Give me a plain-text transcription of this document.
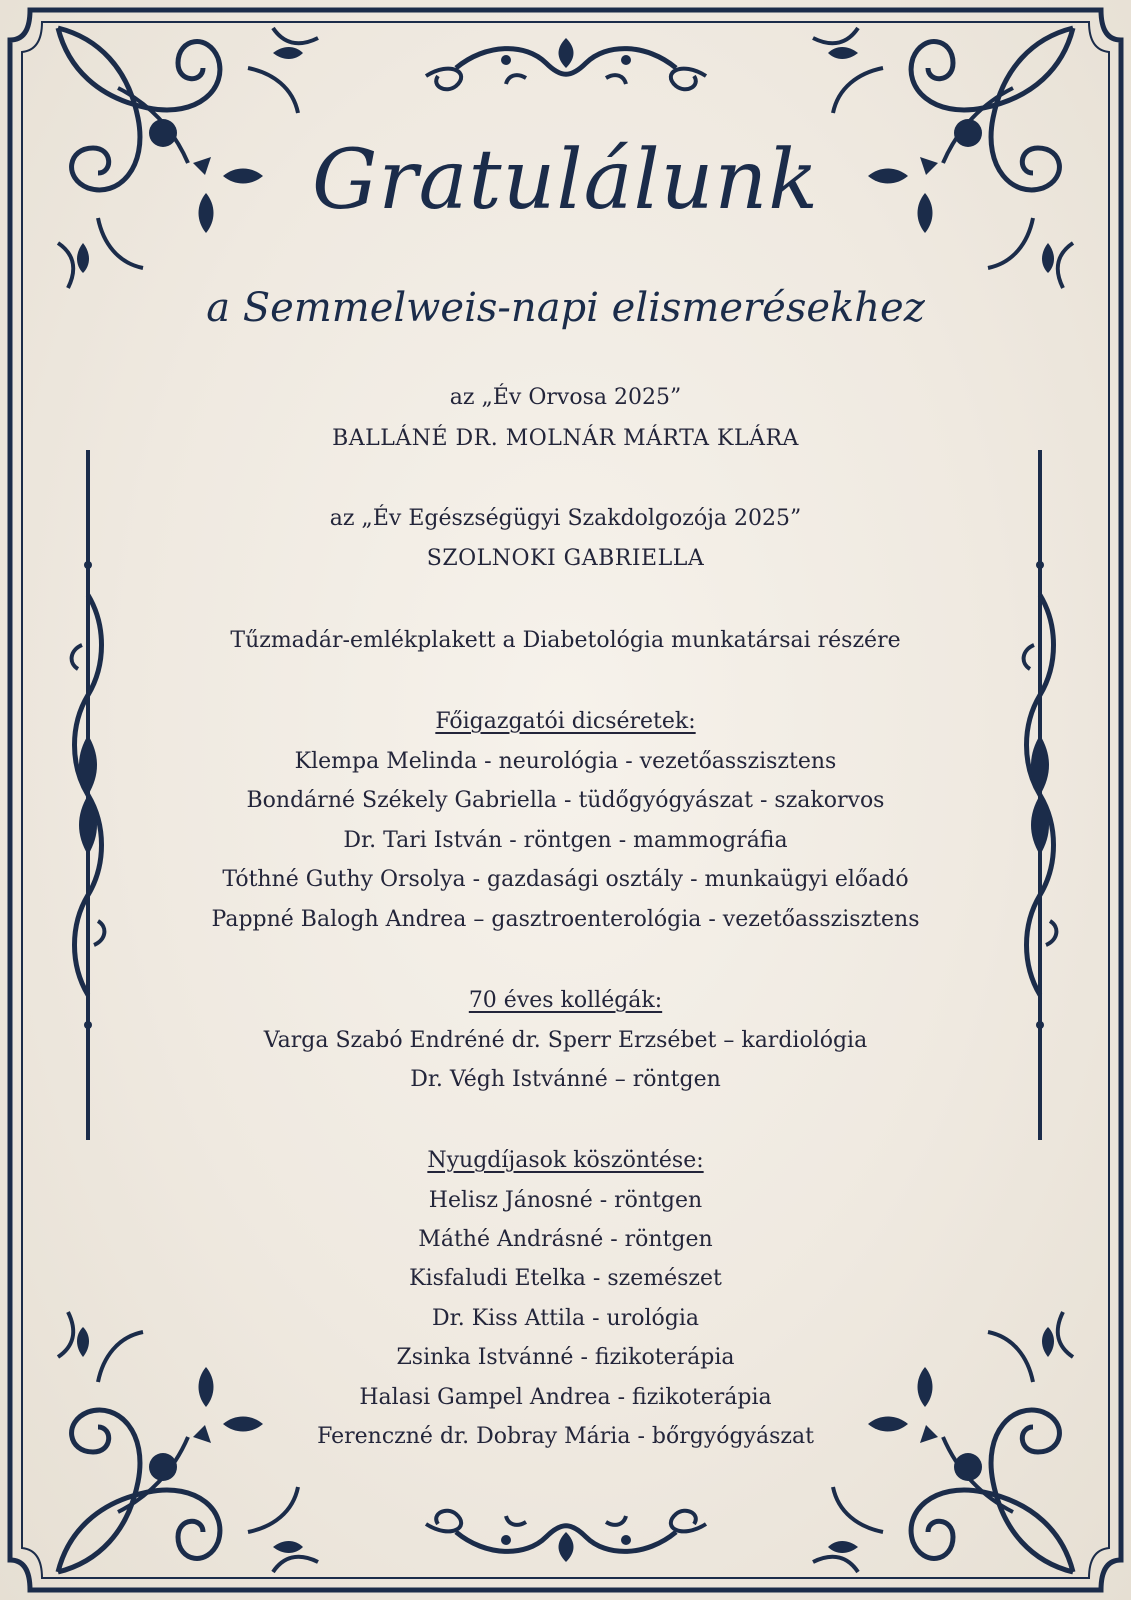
Gratulálunk
a Semmelweis-napi elismerésekhez
az „Év Orvosa 2025”
BALLÁNÉ DR. MOLNÁR MÁRTA KLÁRA
az „Év Egészségügyi Szakdolgozója 2025”
SZOLNOKI GABRIELLA
Tűzmadár-emlékplakett a Diabetológia munkatársai részére
Főigazgatói dicséretek:
Klempa Melinda - neurológia - vezetőasszisztens
Bondárné Székely Gabriella - tüdőgyógyászat - szakorvos
Dr. Tari István - röntgen - mammográfia
Tóthné Guthy Orsolya - gazdasági osztály - munkaügyi előadó
Pappné Balogh Andrea – gasztroenterológia - vezetőasszisztens
70 éves kollégák:
Varga Szabó Endréné dr. Sperr Erzsébet – kardiológia
Dr. Végh Istvánné – röntgen
Nyugdíjasok köszöntése:
Helisz Jánosné - röntgen
Máthé Andrásné - röntgen
Kisfaludi Etelka - szemészet
Dr. Kiss Attila - urológia
Zsinka Istvánné - fizikoterápia
Halasi Gampel Andrea - fizikoterápia
Ferenczné dr. Dobray Mária - bőrgyógyászat
